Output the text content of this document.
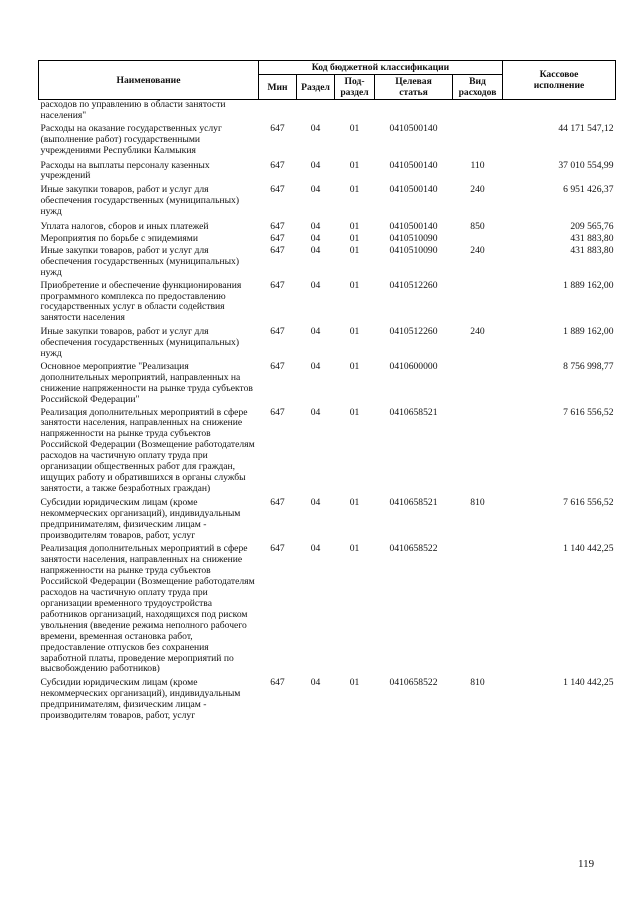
Наименование	Код бюджетной классификации					Кассовое
исполнение
	Мин	Раздел	Под-
раздел	Целевая
статья	Вид
расходов	
расходов по управлению в области занятости населения"						
Расходы на оказание государственных услуг (выполнение работ) государственными учреждениями Республики Калмыкия	647	04	01	0410500140		44 171 547,12
Расходы на выплаты персоналу казенных учреждений	647	04	01	0410500140	110	37 010 554,99
Иные закупки товаров, работ и услуг для обеспечения государственных (муниципальных) нужд	647	04	01	0410500140	240	6 951 426,37
Уплата налогов, сборов и иных платежей	647	04	01	0410500140	850	209 565,76
Мероприятия по борьбе с эпидемиями	647	04	01	0410510090		431 883,80
Иные закупки товаров, работ и услуг для обеспечения государственных (муниципальных) нужд	647	04	01	0410510090	240	431 883,80
Приобретение и обеспечение функционирования программного комплекса по предоставлению государственных услуг в области содействия занятости населения	647	04	01	0410512260		1 889 162,00
Иные закупки товаров, работ и услуг для обеспечения государственных (муниципальных) нужд	647	04	01	0410512260	240	1 889 162,00
Основное мероприятие "Реализация дополнительных мероприятий, направленных на снижение напряженности на рынке труда субъектов Российской Федерации"	647	04	01	0410600000		8 756 998,77
Реализация дополнительных мероприятий в сфере занятости населения, направленных на снижение напряженности на рынке труда субъектов Российской Федерации (Возмещение работодателям расходов на частичную оплату труда при организации общественных работ для граждан, ищущих работу и обратившихся в органы службы занятости, а также безработных граждан)	647	04	01	0410658521		7 616 556,52
Субсидии юридическим лицам (кроме некоммерческих организаций), индивидуальным предпринимателям, физическим лицам - производителям товаров, работ, услуг	647	04	01	0410658521	810	7 616 556,52
Реализация дополнительных мероприятий в сфере занятости населения, направленных на снижение напряженности на рынке труда субъектов Российской Федерации (Возмещение работодателям расходов на частичную оплату труда при организации временного трудоустройства работников организаций, находящихся под риском увольнения (введение режима неполного рабочего времени, временная остановка работ, предоставление отпусков без сохранения заработной платы, проведение мероприятий по высвобождению работников)	647	04	01	0410658522		1 140 442,25
Субсидии юридическим лицам (кроме некоммерческих организаций), индивидуальным предпринимателям, физическим лицам - производителям товаров, работ, услуг	647	04	01	0410658522	810	1 140 442,25
119
